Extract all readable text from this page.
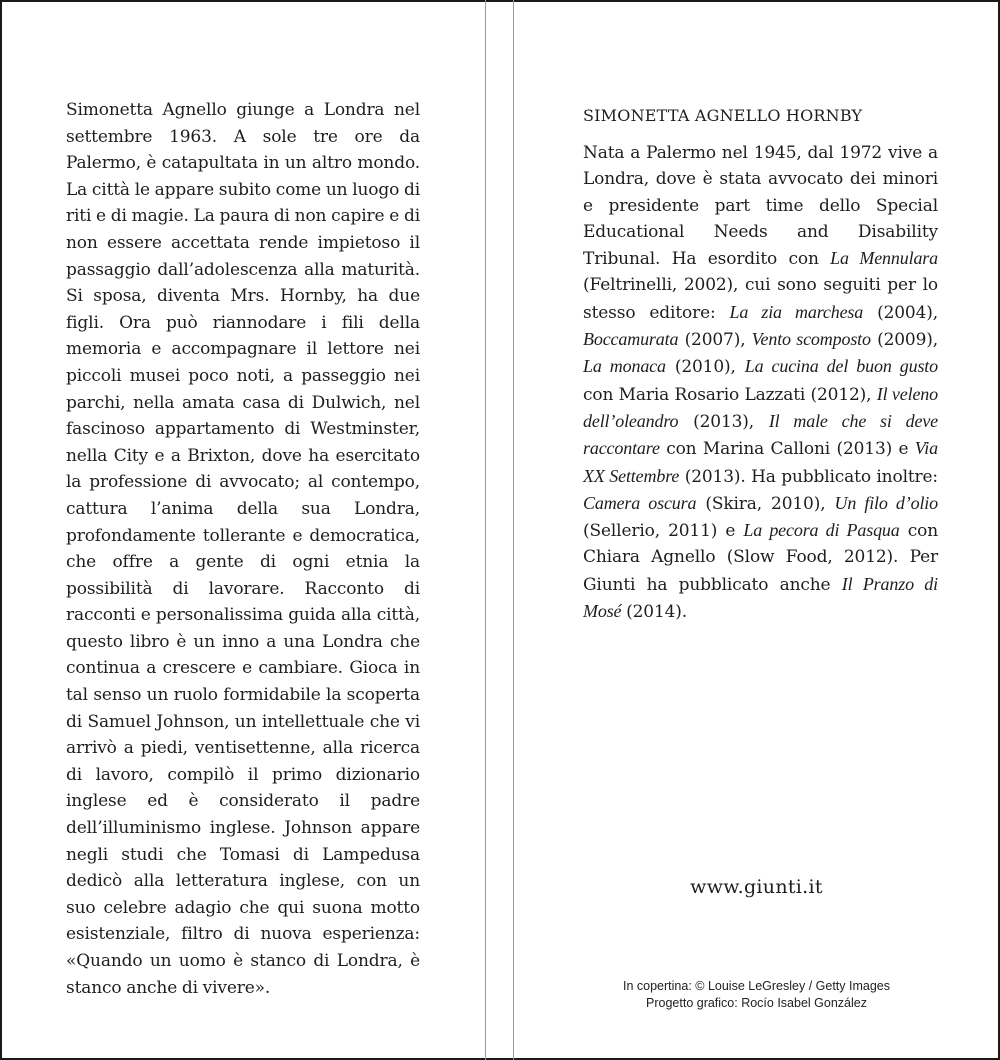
Simonetta Agnello giunge a Londra nel settembre 1963. A sole tre ore da Palermo, è catapultata in un altro mondo. La città le appare subito come un luogo di riti e di magie. La paura di non capire e di non essere accettata rende impietoso il passaggio dall’adolescenza alla maturità. Si sposa, diventa Mrs. Hornby, ha due figli. Ora può riannodare i fili della memoria e accompagnare il lettore nei piccoli musei poco noti, a passeggio nei parchi, nella amata casa di Dulwich, nel fascinoso appartamento di Westminster, nella City e a Brixton, dove ha esercitato la professione di avvocato; al contempo, cattura l’anima della sua Londra, profondamente tollerante e democratica, che offre a gente di ogni etnia la possibilità di lavorare. Racconto di racconti e personalissima guida alla città, questo libro è un inno a una Londra che continua a crescere e cambiare. Gioca in tal senso un ruolo formidabile la scoperta di Samuel Johnson, un intellettuale che vi arrivò a piedi, ventisettenne, alla ricerca di lavoro, compilò il primo dizionario inglese ed è considerato il padre dell’illuminismo inglese. Johnson appare negli studi che Tomasi di Lampedusa dedicò alla letteratura inglese, con un suo celebre adagio che qui suona motto esistenziale, filtro di nuova esperienza: «Quando un uomo è stanco di Londra, è stanco anche di vivere».

SIMONETTA AGNELLO HORNBY

Nata a Palermo nel 1945, dal 1972 vive a Londra, dove è stata avvocato dei minori e presidente part time dello Special Educational Needs and Disability Tribunal. Ha esordito con La Mennulara (Feltrinelli, 2002), cui sono seguiti per lo stesso editore: La zia marchesa (2004), Boccamurata (2007), Vento scomposto (2009), La monaca (2010), La cucina del buon gusto con Maria Rosario Lazzati (2012), Il veleno dell’oleandro (2013), Il male che si deve raccontare con Marina Calloni (2013) e Via XX Settembre (2013). Ha pubblicato inoltre: Camera oscura (Skira, 2010), Un filo d’olio (Sellerio, 2011) e La pecora di Pasqua con Chiara Agnello (Slow Food, 2012). Per Giunti ha pubblicato anche Il Pranzo di Mosé (2014).

www.giunti.it
In copertina: © Louise LeGresley / Getty Images
Progetto grafico: Rocío Isabel González
